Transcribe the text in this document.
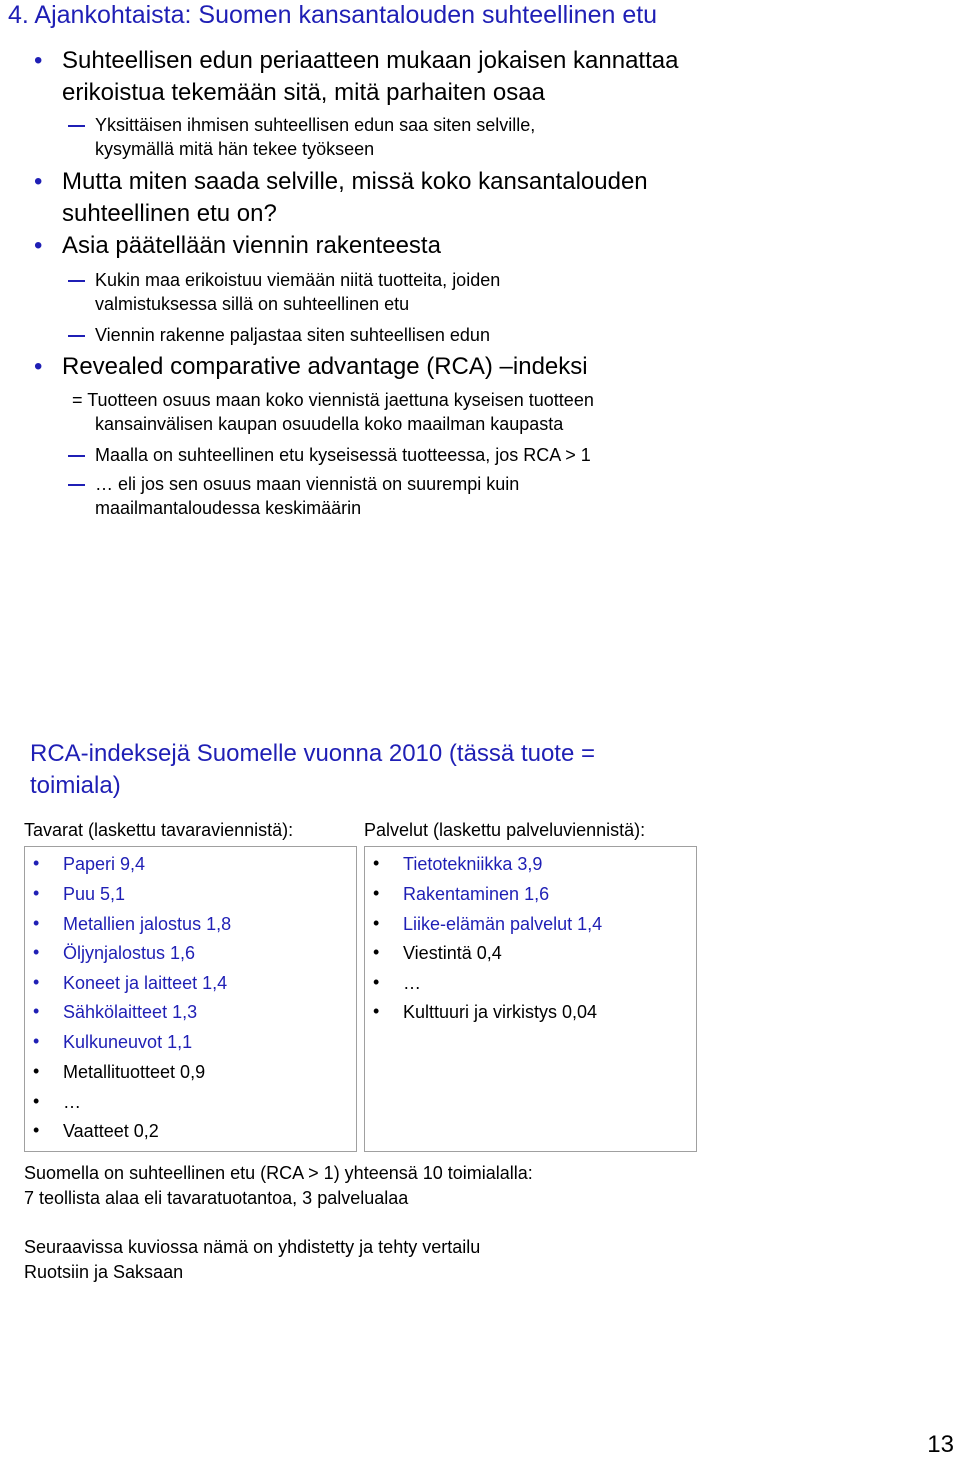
4. Ajankohtaista: Suomen kansantalouden suhteellinen etu
• Suhteellisen edun periaatteen mukaan jokaisen kannattaa erikoistua tekemään sitä, mitä parhaiten osaa
Yksittäisen ihmisen suhteellisen edun saa siten selville, kysymällä mitä hän tekee työkseen
• Mutta miten saada selville, missä koko kansantalouden suhteellinen etu on?
• Asia päätellään viennin rakenteesta
Kukin maa erikoistuu viemään niitä tuotteita, joiden valmistuksessa sillä on suhteellinen etu
Viennin rakenne paljastaa siten suhteellisen edun
• Revealed comparative advantage (RCA) –indeksi
= Tuotteen osuus maan koko viennistä jaettuna kyseisen tuotteen kansainvälisen kaupan osuudella koko maailman kaupasta
Maalla on suhteellinen etu kyseisessä tuotteessa, jos RCA > 1
… eli jos sen osuus maan viennistä on suurempi kuin maailmantaloudessa keskimäärin
RCA-indeksejä Suomelle vuonna 2010 (tässä tuote = toimiala)
Tavarat (laskettu tavaraviennistä):	Palvelut (laskettu palveluviennistä):
• Paperi 9,4
• Puu 5,1
• Metallien jalostus 1,8
• Öljynjalostus 1,6
• Koneet ja laitteet 1,4
• Sähkölaitteet 1,3
• Kulkuneuvot 1,1
• Metallituotteet 0,9
• …
• Vaatteet 0,2
• Tietotekniikka 3,9
• Rakentaminen 1,6
• Liike-elämän palvelut 1,4
• Viestintä 0,4
• …
• Kulttuuri ja virkistys 0,04
Suomella on suhteellinen etu (RCA > 1) yhteensä 10 toimialalla:
7 teollista alaa eli tavaratuotantoa, 3 palvelualaa
Seuraavissa kuviossa nämä on yhdistetty ja tehty vertailu
Ruotsiin ja Saksaan
13
